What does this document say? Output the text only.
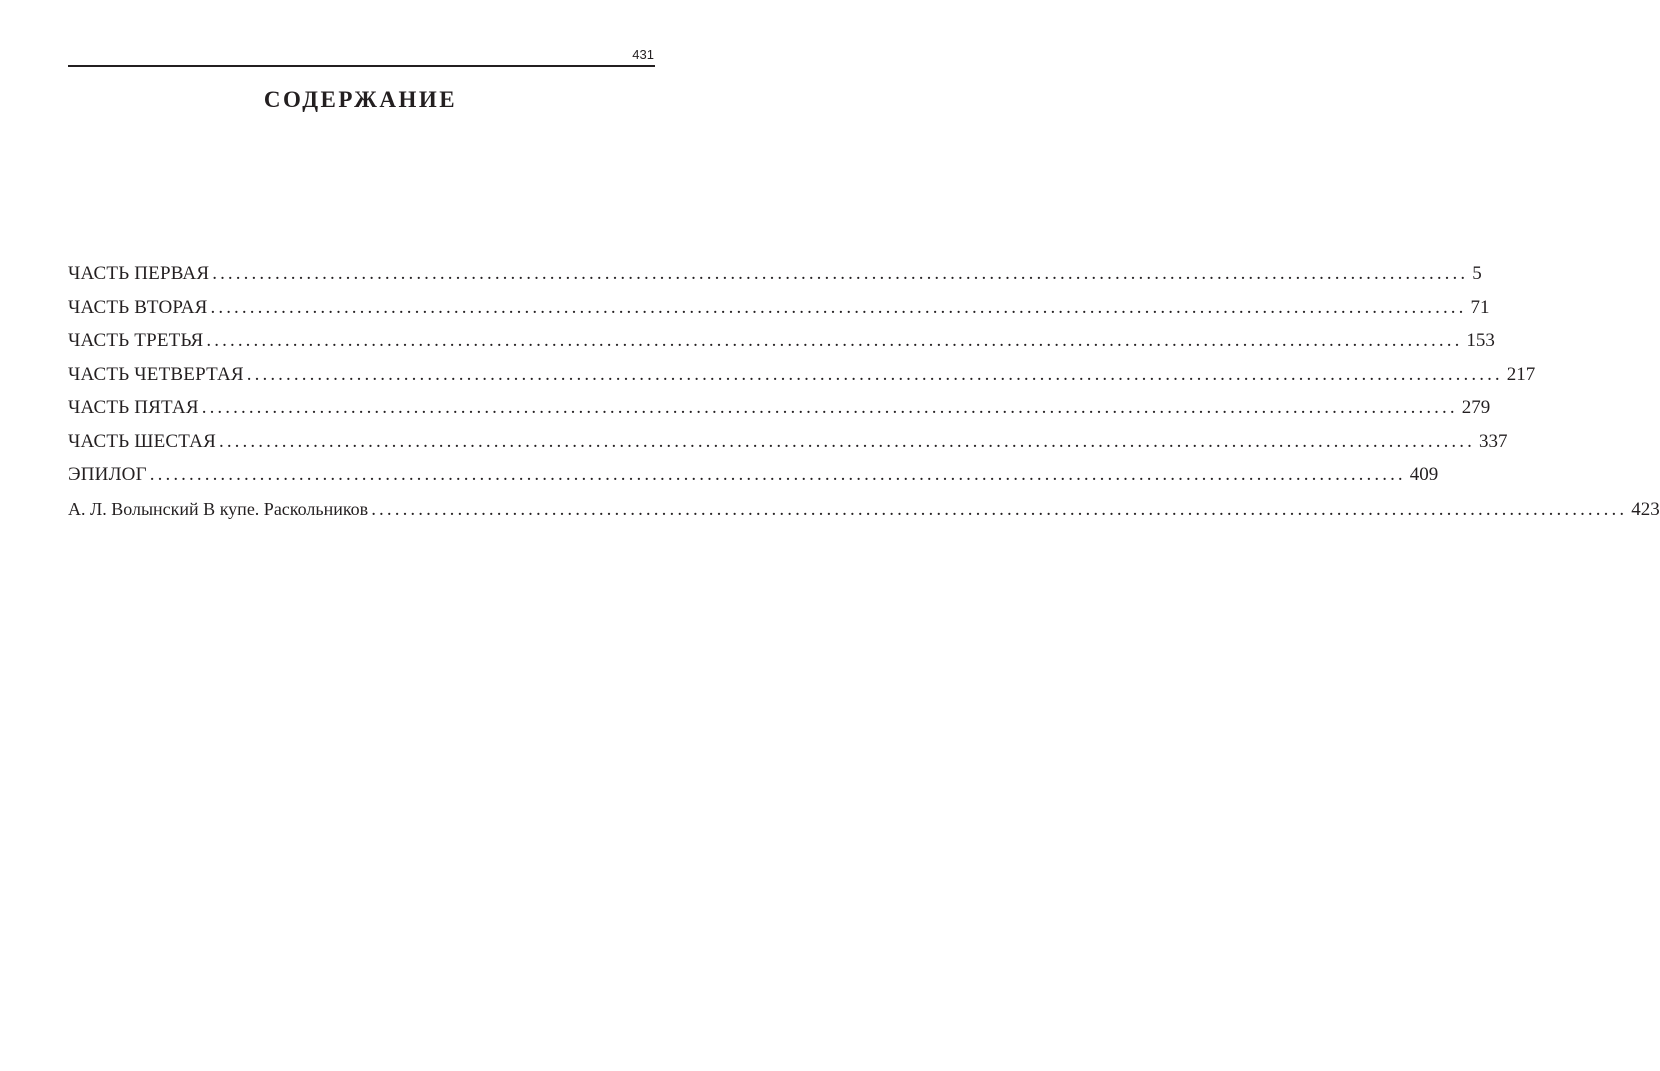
431
СОДЕРЖАНИЕ
ЧАСТЬ ПЕРВАЯ ................................................................................................................................................................ 5
ЧАСТЬ ВТОРАЯ ................................................................................................................................................................ 71
ЧАСТЬ ТРЕТЬЯ ................................................................................................................................................................ 153
ЧАСТЬ ЧЕТВЕРТАЯ ................................................................................................................................................................ 217
ЧАСТЬ ПЯТАЯ ................................................................................................................................................................ 279
ЧАСТЬ ШЕСТАЯ ................................................................................................................................................................ 337
ЭПИЛОГ ................................................................................................................................................................ 409
А. Л. Волынский В купе. Раскольников ................................................................................................................................................................ 423
